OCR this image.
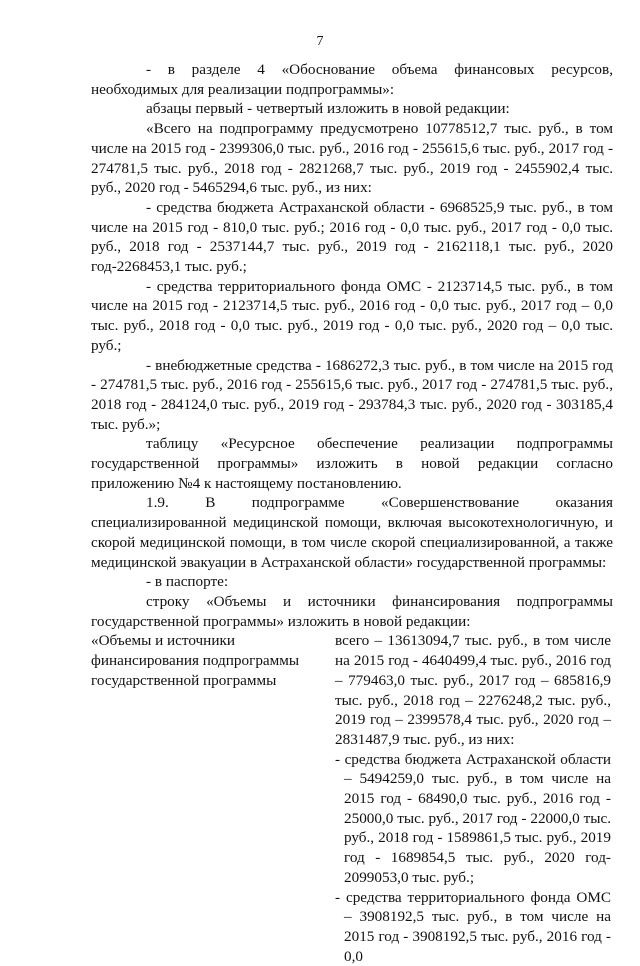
7

- в разделе 4 «Обоснование объема финансовых ресурсов, необходимых для реализации подпрограммы»:

абзацы первый - четвертый изложить в новой редакции:

«Всего на подпрограмму предусмотрено 10778512,7 тыс. руб., в том числе на 2015 год - 2399306,0 тыс. руб., 2016 год - 255615,6 тыс. руб., 2017 год - 274781,5 тыс. руб., 2018 год - 2821268,7 тыс. руб., 2019 год - 2455902,4 тыс. руб., 2020 год - 5465294,6 тыс. руб., из них:

- средства бюджета Астраханской области - 6968525,9 тыс. руб., в том числе на 2015 год - 810,0 тыс. руб.; 2016 год - 0,0 тыс. руб., 2017 год - 0,0 тыс. руб., 2018 год - 2537144,7 тыс. руб., 2019 год - 2162118,1 тыс. руб., 2020 год-2268453,1 тыс. руб.;

- средства территориального фонда ОМС - 2123714,5 тыс. руб., в том числе на 2015 год - 2123714,5 тыс. руб., 2016 год - 0,0 тыс. руб., 2017 год – 0,0 тыс. руб., 2018 год - 0,0 тыс. руб., 2019 год - 0,0 тыс. руб., 2020 год – 0,0 тыс. руб.;

- внебюджетные средства - 1686272,3 тыс. руб., в том числе на 2015 год - 274781,5 тыс. руб., 2016 год - 255615,6 тыс. руб., 2017 год - 274781,5 тыс. руб., 2018 год - 284124,0 тыс. руб., 2019 год - 293784,3 тыс. руб., 2020 год - 303185,4 тыс. руб.»;

таблицу «Ресурсное обеспечение реализации подпрограммы государственной программы» изложить в новой редакции согласно приложению №4 к настоящему постановлению.

1.9. В подпрограмме «Совершенствование оказания специализированной медицинской помощи, включая высокотехнологичную, и скорой медицинской помощи, в том числе скорой специализированной, а также медицинской эвакуации в Астраханской области» государственной программы:

- в паспорте:

строку «Объемы и источники финансирования подпрограммы государственной программы» изложить в новой редакции:

«Объемы и источники финансирования подпрограммы государственной программы

всего – 13613094,7 тыс. руб., в том числе на 2015 год - 4640499,4 тыс. руб., 2016 год – 779463,0 тыс. руб., 2017 год – 685816,9 тыс. руб., 2018 год – 2276248,2 тыс. руб., 2019 год – 2399578,4 тыс. руб., 2020 год – 2831487,9 тыс. руб., из них:

- средства бюджета Астраханской области – 5494259,0 тыс. руб., в том числе на 2015 год - 68490,0 тыс. руб., 2016 год - 25000,0 тыс. руб., 2017 год - 22000,0 тыс. руб., 2018 год - 1589861,5 тыс. руб., 2019 год - 1689854,5 тыс. руб., 2020 год- 2099053,0 тыс. руб.;

- средства территориального фонда ОМС – 3908192,5 тыс. руб., в том числе на 2015 год - 3908192,5 тыс. руб., 2016 год - 0,0
